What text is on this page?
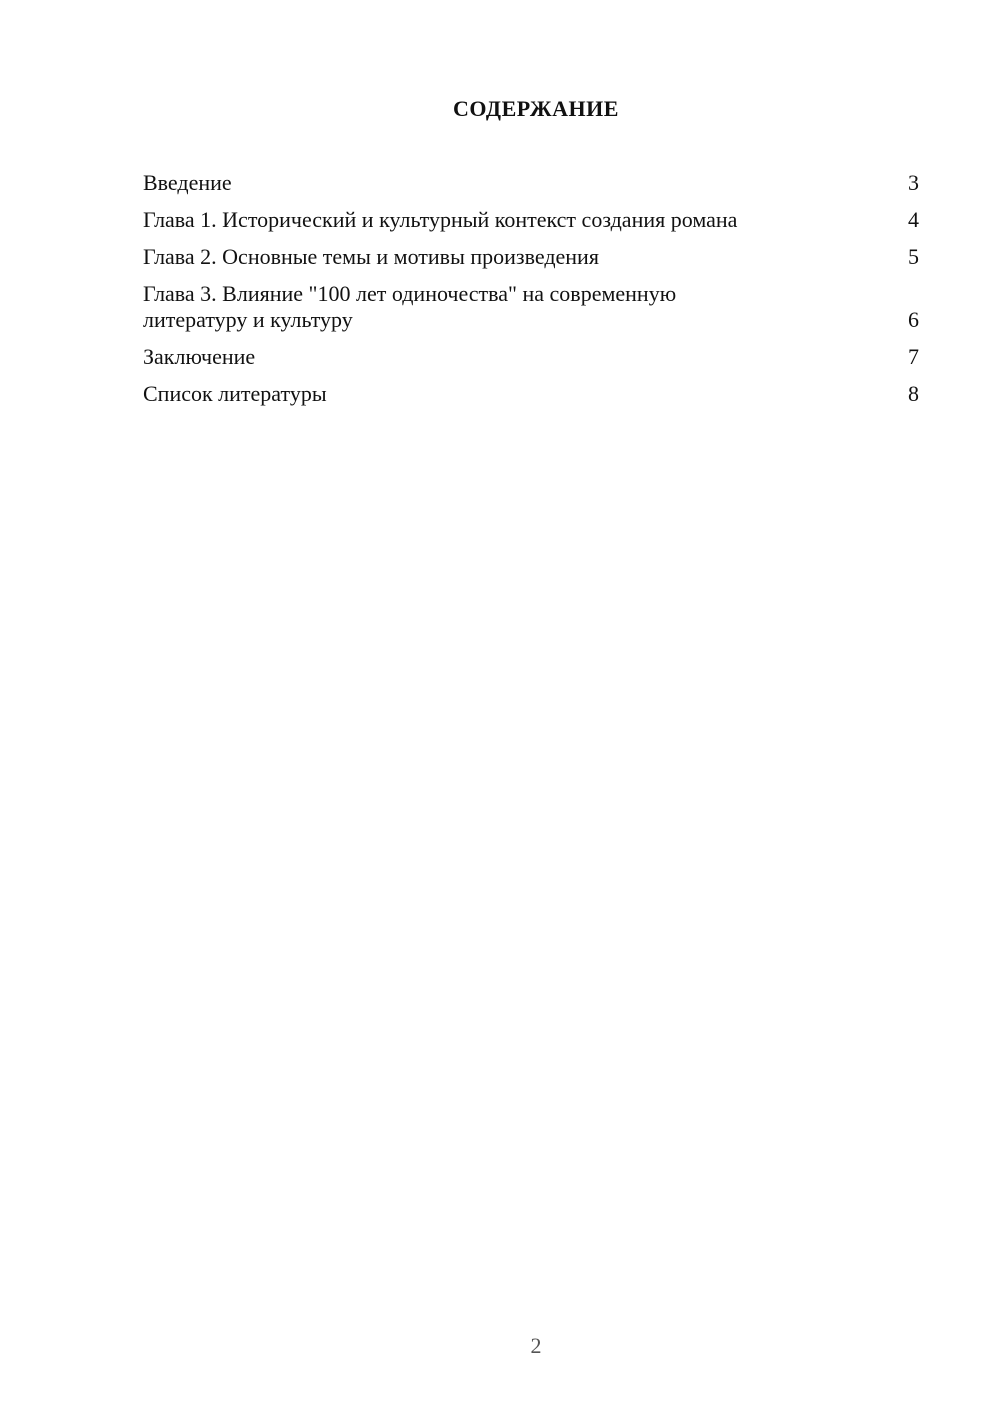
СОДЕРЖАНИЕ
Введение	3
Глава 1. Исторический и культурный контекст создания романа	4
Глава 2. Основные темы и мотивы произведения	5
Глава 3. Влияние "100 лет одиночества" на современную литературу и культуру	6
Заключение	7
Список литературы	8
2
